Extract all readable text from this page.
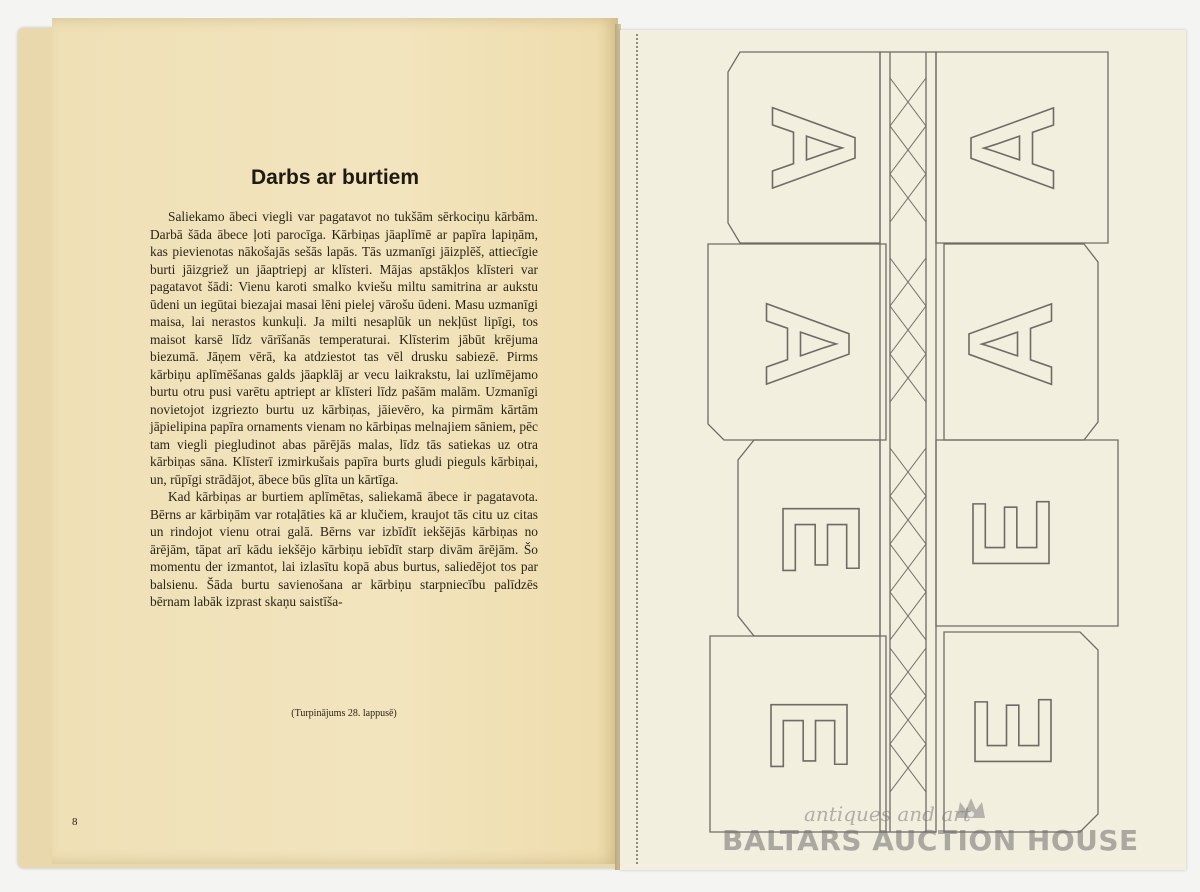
Darbs ar burtiem

Saliekamo ābeci viegli var pagatavot no tukšām sērkociņu kārbām. Darbā šāda ābece ļoti parocīga. Kārbiņas jāaplīmē ar papīra lapiņām, kas pievienotas nākošajās sešās lapās. Tās uzmanīgi jāizplēš, attiecīgie burti jāizgriež un jāaptriepj ar klīsteri. Mājas apstākļos klīsteri var pagatavot šādi: Vienu karoti smalko kviešu miltu samitrina ar aukstu ūdeni un iegūtai biezajai masai lēni pielej vārošu ūdeni. Masu uzmanīgi maisa, lai nerastos kunkuļi. Ja milti nesaplūk un nekļūst lipīgi, tos maisot karsē līdz vārīšanās temperaturai. Klīsterim jābūt krējuma biezumā. Jāņem vērā, ka atdziestot tas vēl drusku sabiezē. Pirms kārbiņu aplīmēšanas galds jāapklāj ar vecu laikrakstu, lai uzlīmējamo burtu otru pusi varētu aptriept ar klīsteri līdz pašām malām. Uzmanīgi novietojot izgriezto burtu uz kārbiņas, jāievēro, ka pirmām kārtām jāpielipina papīra ornaments vienam no kārbiņas melnajiem sāniem, pēc tam viegli piegludinot abas pārējās malas, līdz tās satiekas uz otra kārbiņas sāna. Klīsterī izmirkušais papīra burts gludi pieguls kārbiņai, un, rūpīgi strādājot, ābece būs glīta un kārtīga.

Kad kārbiņas ar burtiem aplīmētas, saliekamā ābece ir pagatavota. Bērns ar kārbiņām var rotaļāties kā ar klučiem, kraujot tās citu uz citas un rindojot vienu otrai galā. Bērns var izbīdīt iekšējās kārbiņas no ārējām, tāpat arī kādu iekšējo kārbiņu iebīdīt starp divām ārējām. Šo momentu der izmantot, lai izlasītu kopā abus burtus, saliedējot tos par balsienu. Šāda burtu savienošana ar kārbiņu starpniecību palīdzēs bērnam labāk izprast skaņu saistīša-

(Turpinājums 28. lappusē)

8
A A
A A
E E
E E
antiques and art
BALTARS AUCTION HOUSE
